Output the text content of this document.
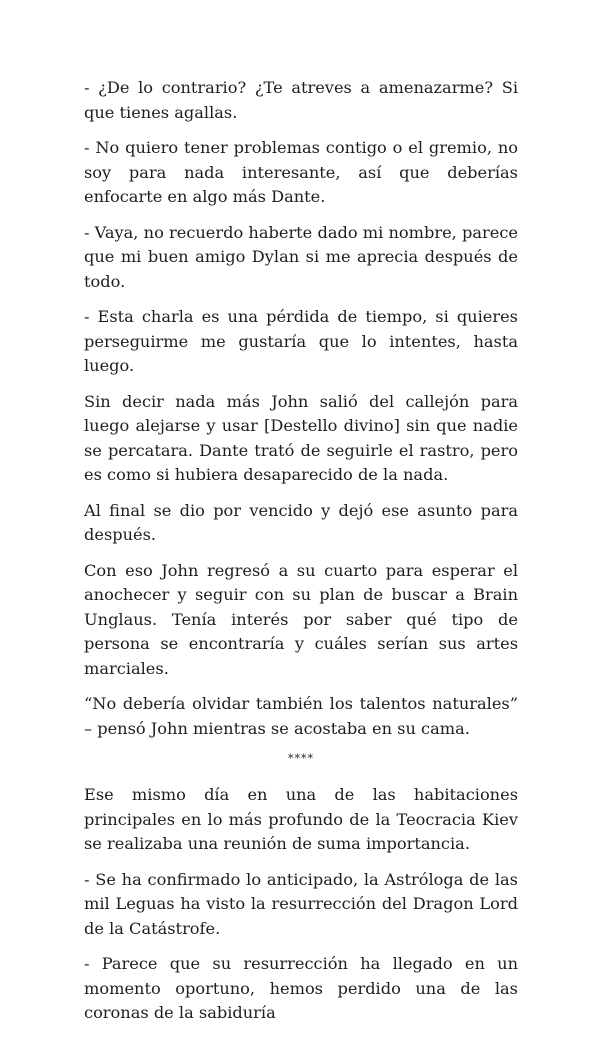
- ¿De lo contrario? ¿Te atreves a amenazarme? Si que tienes agallas.

- No quiero tener problemas contigo o el gremio, no soy para nada interesante, así que deberías enfocarte en algo más Dante.

- Vaya, no recuerdo haberte dado mi nombre, parece que mi buen amigo Dylan si me aprecia después de todo.

- Esta charla es una pérdida de tiempo, si quieres perseguirme me gustaría que lo intentes, hasta luego.

Sin decir nada más John salió del callejón para luego alejarse y usar [Destello divino] sin que nadie se percatara. Dante trató de seguirle el rastro, pero es como si hubiera desaparecido de la nada.

Al final se dio por vencido y dejó ese asunto para después.

Con eso John regresó a su cuarto para esperar el anochecer y seguir con su plan de buscar a Brain Unglaus. Tenía interés por saber qué tipo de persona se encontraría y cuáles serían sus artes marciales.

“No debería olvidar también los talentos naturales” – pensó John mientras se acostaba en su cama.

****

Ese mismo día en una de las habitaciones principales en lo más profundo de la Teocracia Kiev se realizaba una reunión de suma importancia.

- Se ha confirmado lo anticipado, la Astróloga de las mil Leguas ha visto la resurrección del Dragon Lord de la Catástrofe.

- Parece que su resurrección ha llegado en un momento oportuno, hemos perdido una de las coronas de la sabiduría
